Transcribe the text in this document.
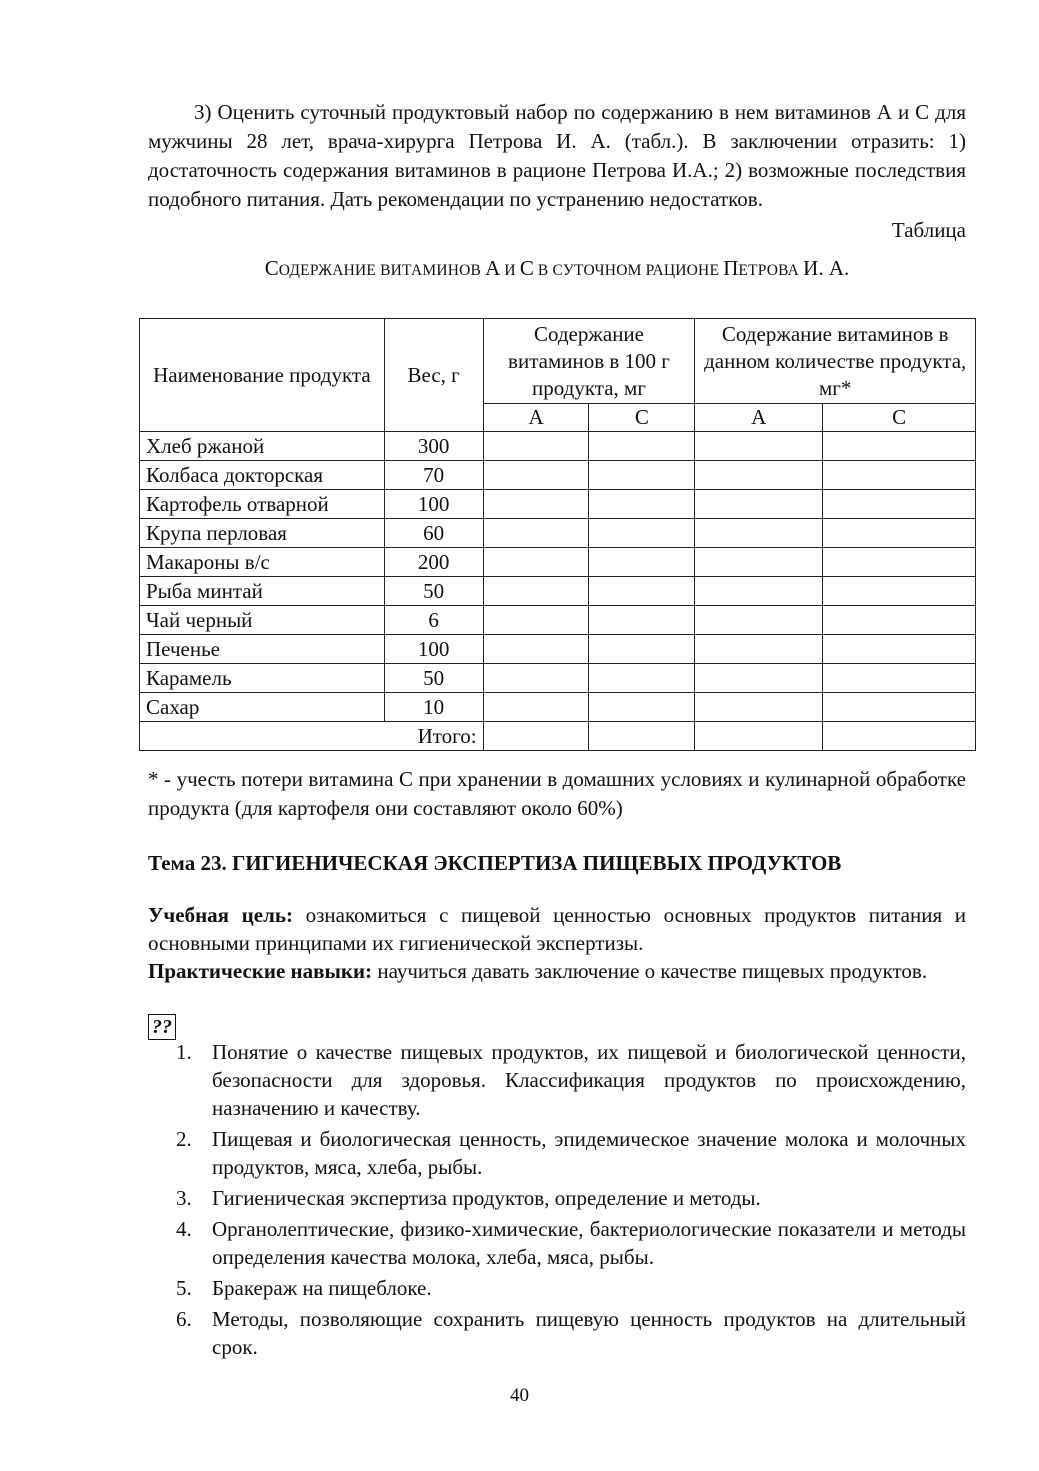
3) Оценить суточный продуктовый набор по содержанию в нем витаминов А и С для мужчины 28 лет, врача-хирурга Петрова И. А. (табл.). В заключении отразить: 1) достаточность содержания витаминов в рационе Петрова И.А.; 2) возможные последствия подобного питания. Дать рекомендации по устранению недостатков.

Таблица
СОДЕРЖАНИЕ ВИТАМИНОВ А И С В СУТОЧНОМ РАЦИОНЕ ПЕТРОВА И. А.
Наименование продукта	Вес, г	Содержание витаминов в 100 г продукта, мг		Содержание витаминов в данном количестве продукта, мг*	
		А	С	А	С
Хлеб ржаной	300				
Колбаса докторская	70				
Картофель отварной	100				
Крупа перловая	60				
Макароны в/с	200				
Рыба минтай	50				
Чай черный	6				
Печенье	100				
Карамель	50				
Сахар	10				
Итого:					
* - учесть потери витамина С при хранении в домашних условиях и кулинарной обработке продукта (для картофеля они составляют около 60%)
Тема 23. ГИГИЕНИЧЕСКАЯ ЭКСПЕРТИЗА ПИЩЕВЫХ ПРОДУКТОВ
Учебная цель: ознакомиться с пищевой ценностью основных продуктов питания и основными принципами их гигиенической экспертизы.
Практические навыки: научиться давать заключение о качестве пищевых продуктов.
??
1. Понятие о качестве пищевых продуктов, их пищевой и биологической ценности, безопасности для здоровья. Классификация продуктов по происхождению, назначению и качеству.
2. Пищевая и биологическая ценность, эпидемическое значение молока и молочных продуктов, мяса, хлеба, рыбы.
3. Гигиеническая экспертиза продуктов, определение и методы.
4. Органолептические, физико-химические, бактериологические показатели и методы определения качества молока, хлеба, мяса, рыбы.
5. Бракераж на пищеблоке.
6. Методы, позволяющие сохранить пищевую ценность продуктов на длительный срок.
40
